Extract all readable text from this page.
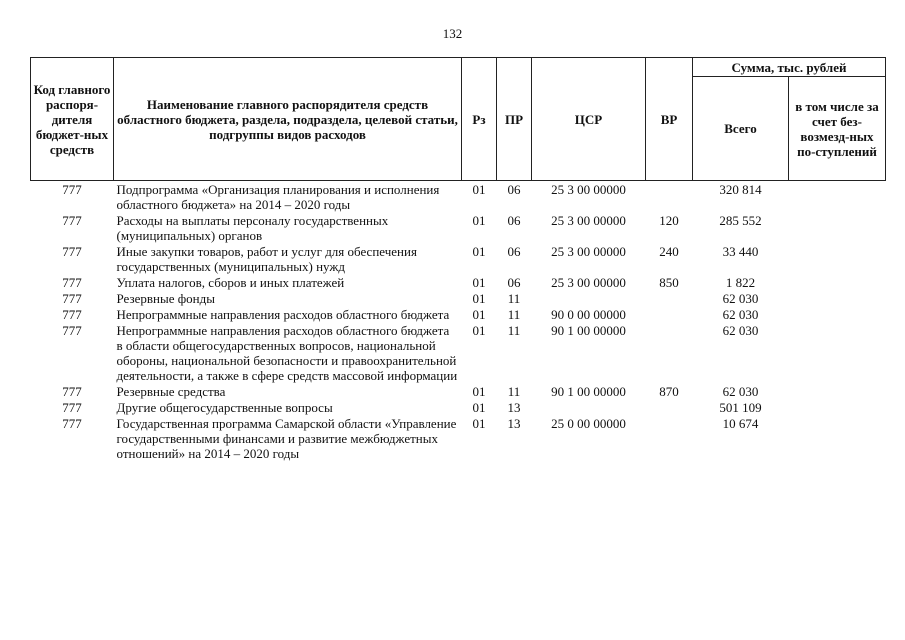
132
Код главного распоря-дителя бюджет-ных средств	Наименование главного распорядителя средств областного бюджета, раздела, подраздела, целевой статьи, подгруппы видов расходов	Рз	ПР	ЦСР	ВР	Сумма, тыс. рублей	
						Всего	в том числе за счет без-возмезд-ных по-ступлений
777	Подпрограмма «Организация планирования и исполнения областного бюджета» на 2014 – 2020 годы	01	06	25 3 00 00000		320 814	
777	Расходы на выплаты персоналу государственных (муниципальных) органов	01	06	25 3 00 00000	120	285 552	
777	Иные закупки товаров, работ и услуг для обеспечения государственных (муниципальных) нужд	01	06	25 3 00 00000	240	33 440	
777	Уплата налогов, сборов и иных платежей	01	06	25 3 00 00000	850	1 822	
777	Резервные фонды	01	11			62 030	
777	Непрограммные направления расходов областного бюджета	01	11	90 0 00 00000		62 030	
777	Непрограммные направления расходов областного бюджета в области общегосударственных вопросов, национальной обороны, национальной безопасности и правоохранительной деятельности, а также в сфере средств массовой информации	01	11	90 1 00 00000		62 030	
777	Резервные средства	01	11	90 1 00 00000	870	62 030	
777	Другие общегосударственные вопросы	01	13			501 109	
777	Государственная программа Самарской области «Управление государственными финансами и развитие межбюджетных отношений» на 2014 – 2020 годы	01	13	25 0 00 00000		10 674	
